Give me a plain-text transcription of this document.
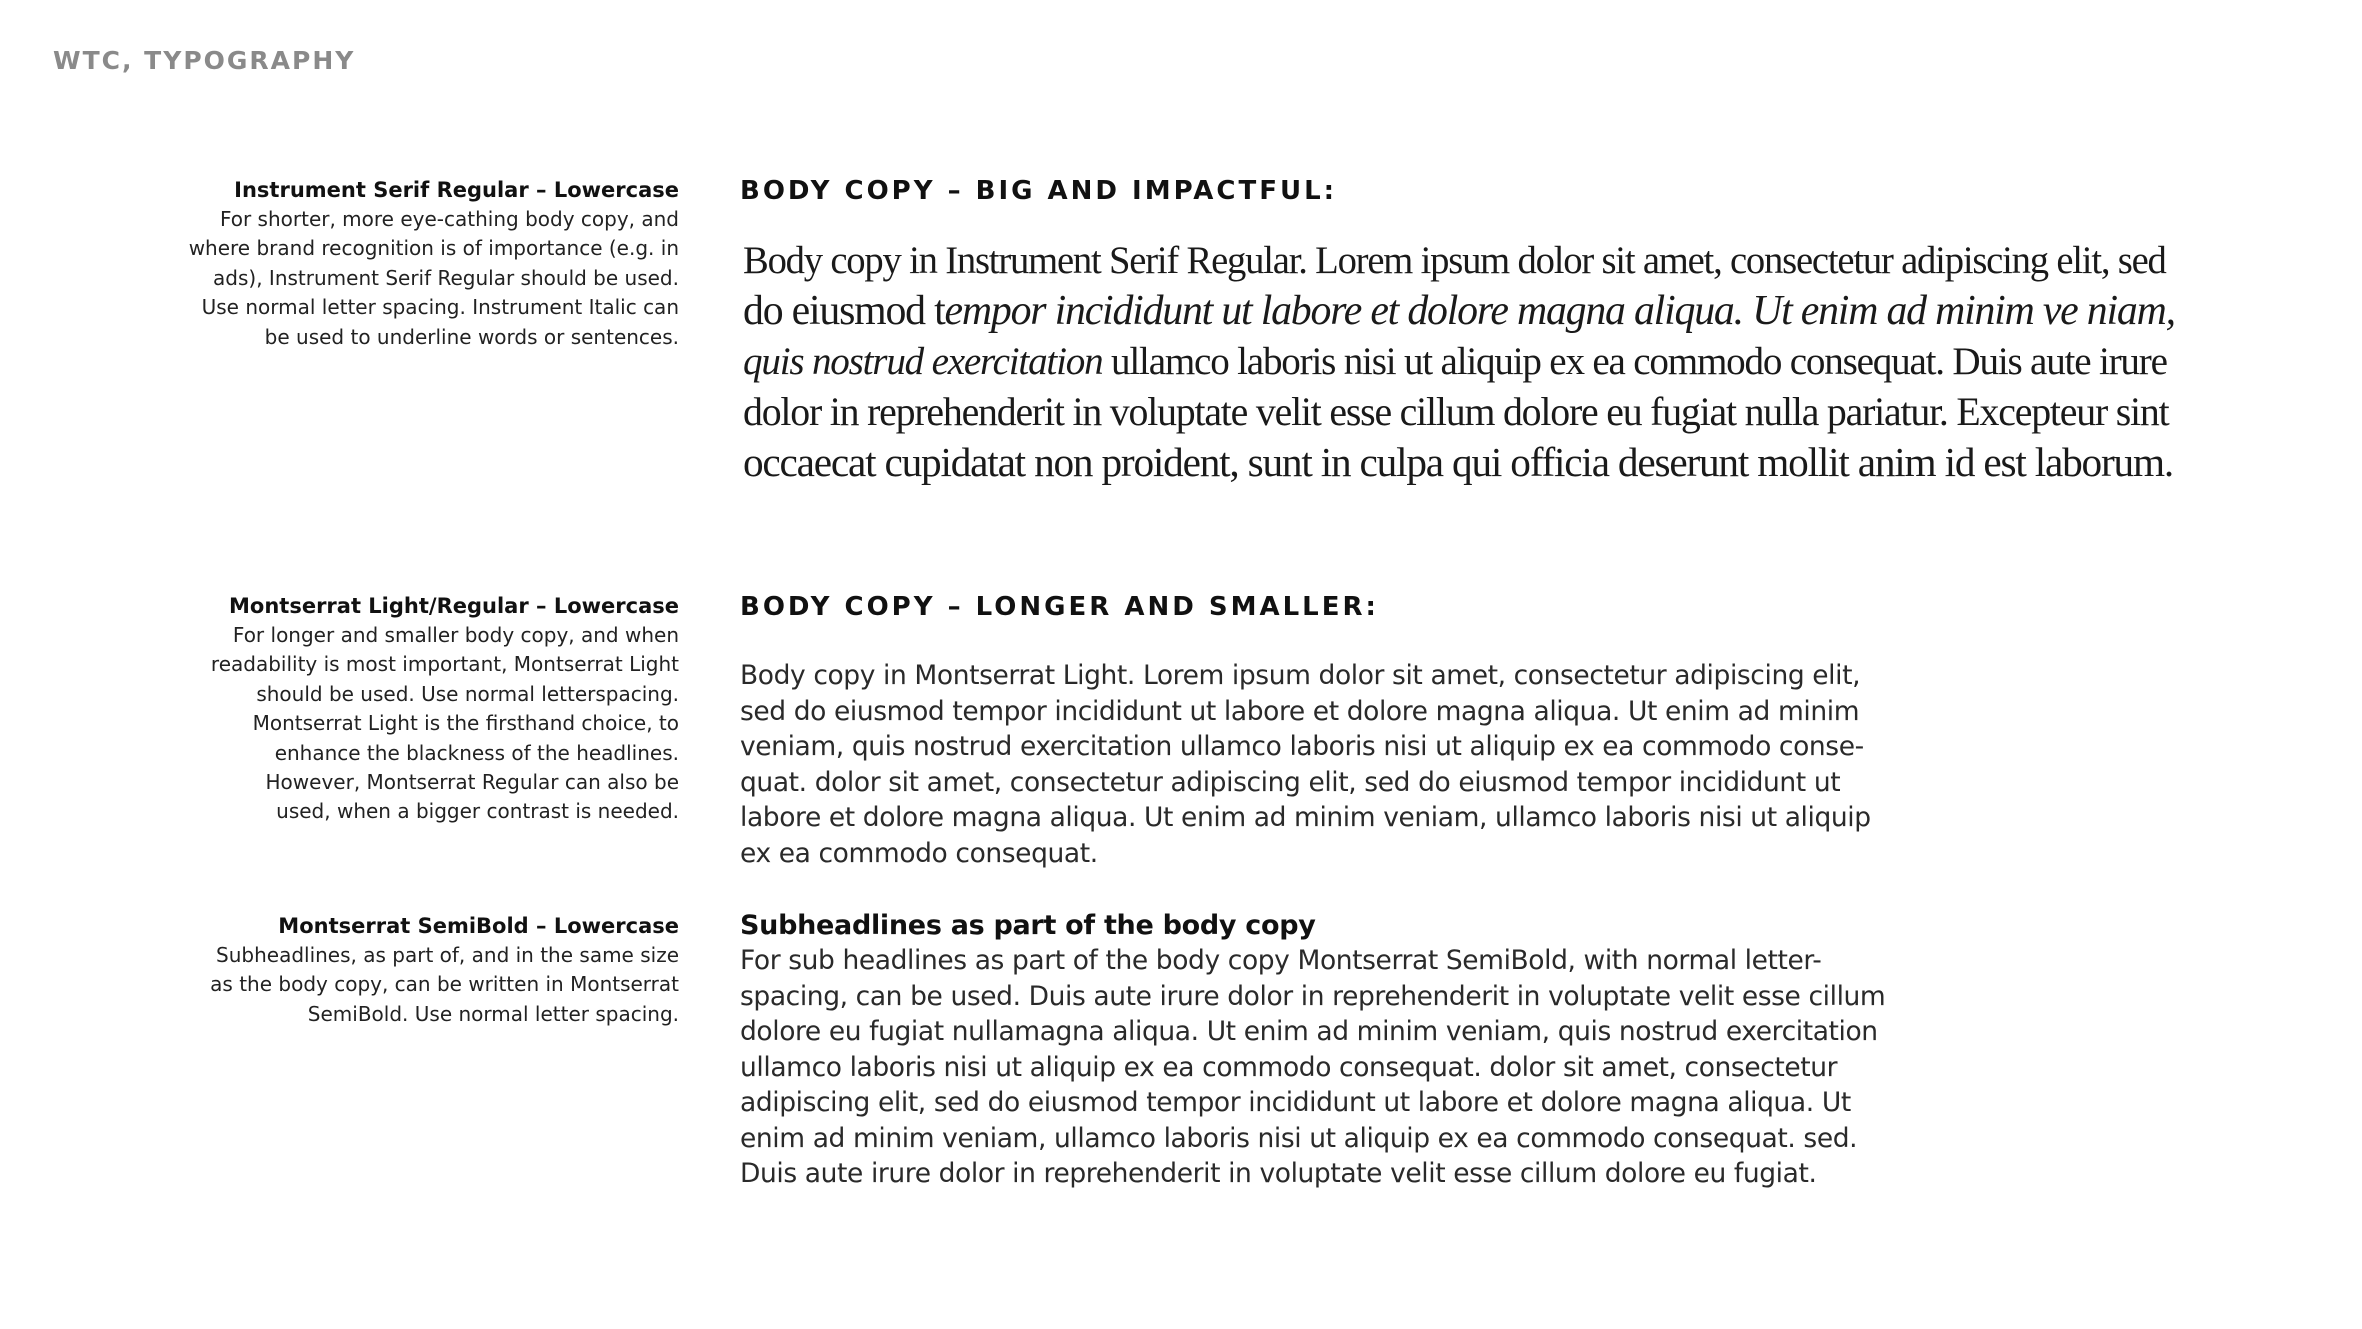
WTC, TYPOGRAPHY
Instrument Serif Regular – Lowercase
For shorter, more eye-cathing body copy, and
where brand recognition is of importance (e.g. in
ads), Instrument Serif Regular should be used.
Use normal letter spacing. Instrument Italic can
be used to underline words or sentences.
Montserrat Light/Regular – Lowercase
For longer and smaller body copy, and when
readability is most important, Montserrat Light
should be used. Use normal letterspacing.
Montserrat Light is the firsthand choice, to
enhance the blackness of the headlines.
However, Montserrat Regular can also be
used, when a bigger contrast is needed.
Montserrat SemiBold – Lowercase
Subheadlines, as part of, and in the same size
as the body copy, can be written in Montserrat
SemiBold. Use normal letter spacing.
BODY COPY – BIG AND IMPACTFUL:
Body copy in Instrument Serif Regular. Lorem ipsum dolor sit amet, consectetur adipiscing elit, sed
do eiusmod tempor incididunt ut labore et dolore magna aliqua. Ut enim ad minim ve niam,
quis nostrud exercitation ullamco laboris nisi ut aliquip ex ea commodo consequat. Duis aute irure
dolor in reprehenderit in voluptate velit esse cillum dolore eu fugiat nulla pariatur. Excepteur sint
occaecat cupidatat non proident, sunt in culpa qui officia deserunt mollit anim id est laborum.
BODY COPY – LONGER AND SMALLER:
Body copy in Montserrat Light. Lorem ipsum dolor sit amet, consectetur adipiscing elit,
sed do eiusmod tempor incididunt ut labore et dolore magna aliqua. Ut enim ad minim
veniam, quis nostrud exercitation ullamco laboris nisi ut aliquip ex ea commodo conse-
quat. dolor sit amet, consectetur adipiscing elit, sed do eiusmod tempor incididunt ut
labore et dolore magna aliqua. Ut enim ad minim veniam, ullamco laboris nisi ut aliquip
ex ea commodo consequat.
Subheadlines as part of the body copy
For sub headlines as part of the body copy Montserrat SemiBold, with normal letter-
spacing, can be used. Duis aute irure dolor in reprehenderit in voluptate velit esse cillum
dolore eu fugiat nullamagna aliqua. Ut enim ad minim veniam, quis nostrud exercitation
ullamco laboris nisi ut aliquip ex ea commodo consequat. dolor sit amet, consectetur
adipiscing elit, sed do eiusmod tempor incididunt ut labore et dolore magna aliqua. Ut
enim ad minim veniam, ullamco laboris nisi ut aliquip ex ea commodo consequat. sed.
Duis aute irure dolor in reprehenderit in voluptate velit esse cillum dolore eu fugiat.
